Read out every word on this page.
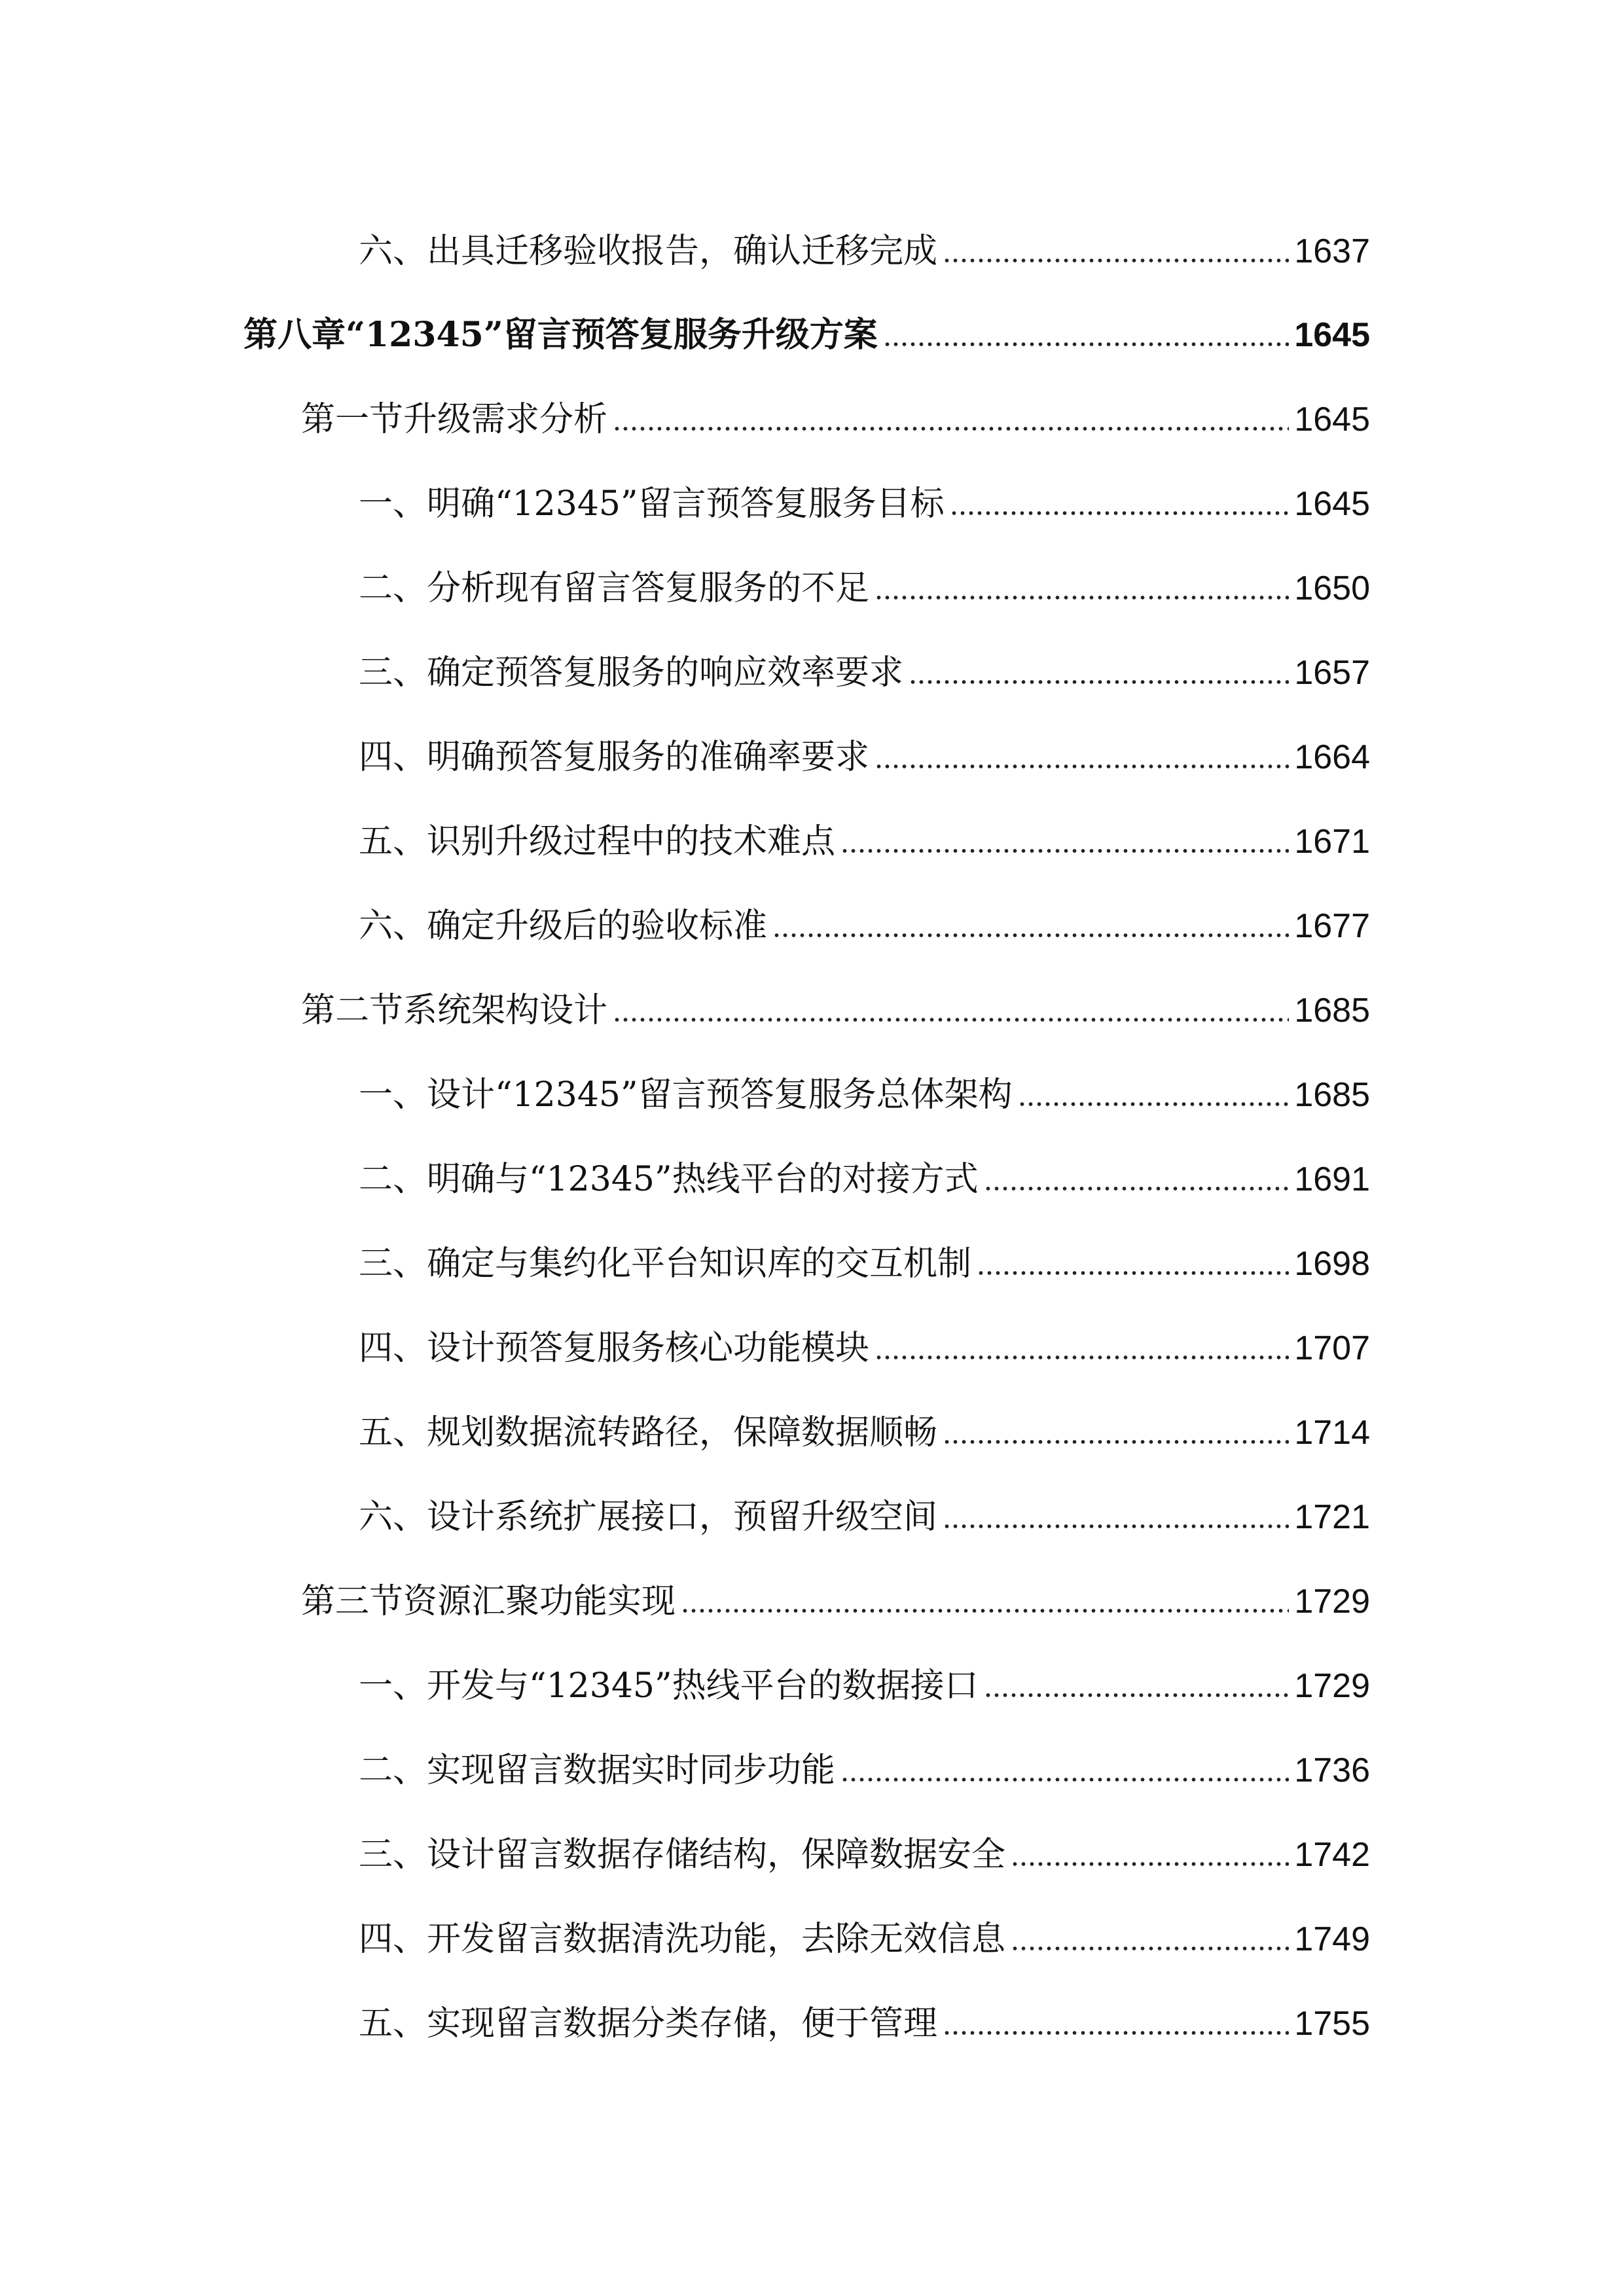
六、出具迁移验收报告，确认迁移完成	1637
第八章“12345”留言预答复服务升级方案	1645
第一节升级需求分析	1645
一、明确“12345”留言预答复服务目标	1645
二、分析现有留言答复服务的不足	1650
三、确定预答复服务的响应效率要求	1657
四、明确预答复服务的准确率要求	1664
五、识别升级过程中的技术难点	1671
六、确定升级后的验收标准	1677
第二节系统架构设计	1685
一、设计“12345”留言预答复服务总体架构	1685
二、明确与“12345”热线平台的对接方式	1691
三、确定与集约化平台知识库的交互机制	1698
四、设计预答复服务核心功能模块	1707
五、规划数据流转路径，保障数据顺畅	1714
六、设计系统扩展接口，预留升级空间	1721
第三节资源汇聚功能实现	1729
一、开发与“12345”热线平台的数据接口	1729
二、实现留言数据实时同步功能	1736
三、设计留言数据存储结构，保障数据安全	1742
四、开发留言数据清洗功能，去除无效信息	1749
五、实现留言数据分类存储，便于管理	1755
